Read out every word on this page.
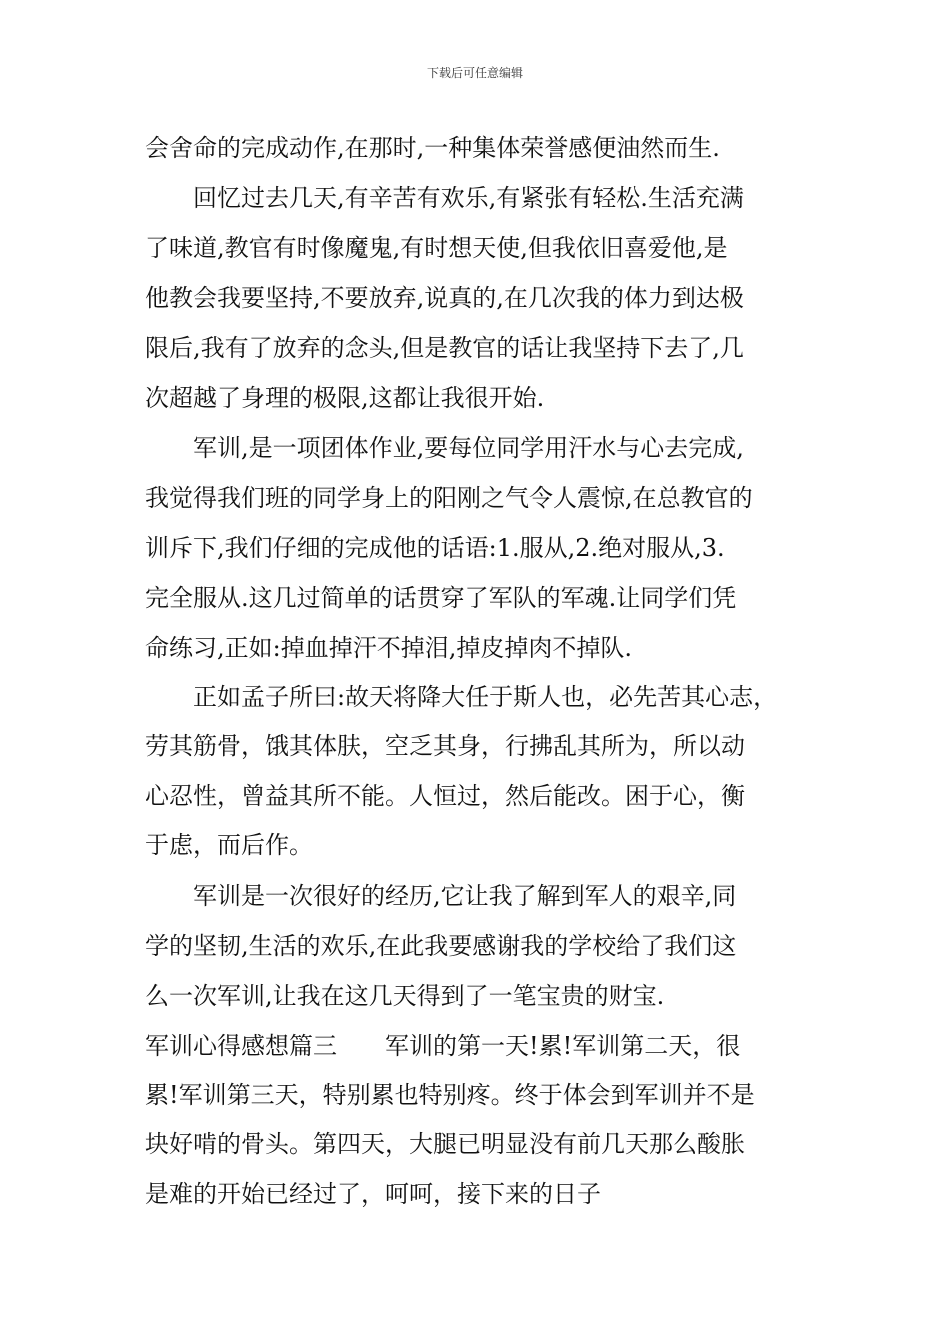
下载后可任意编辑
会舍命的完成动作,在那时,一种集体荣誉感便油然而生.
　　回忆过去几天,有辛苦有欢乐,有紧张有轻松.生活充满
了味道,教官有时像魔鬼,有时想天使,但我依旧喜爱他,是
他教会我要坚持,不要放弃,说真的,在几次我的体力到达极
限后,我有了放弃的念头,但是教官的话让我坚持下去了,几
次超越了身理的极限,这都让我很开始.
　　军训,是一项团体作业,要每位同学用汗水与心去完成,
我觉得我们班的同学身上的阳刚之气令人震惊,在总教官的
训斥下,我们仔细的完成他的话语:1.服从,2.绝对服从,3.
完全服从.这几过简单的话贯穿了军队的军魂.让同学们凭
命练习,正如:掉血掉汗不掉泪,掉皮掉肉不掉队.
　　正如孟子所曰:故天将降大任于斯人也，必先苦其心志，
劳其筋骨，饿其体肤，空乏其身，行拂乱其所为，所以动
心忍性，曾益其所不能。人恒过，然后能改。困于心，衡
于虑，而后作。
　　军训是一次很好的经历,它让我了解到军人的艰辛,同
学的坚韧,生活的欢乐,在此我要感谢我的学校给了我们这
么一次军训,让我在这几天得到了一笔宝贵的财宝.
军训心得感想篇三　　军训的第一天!累!军训第二天，很
累!军训第三天，特别累也特别疼。终于体会到军训并不是
块好啃的骨头。第四天，大腿已明显没有前几天那么酸胀
是难的开始已经过了，呵呵，接下来的日子
